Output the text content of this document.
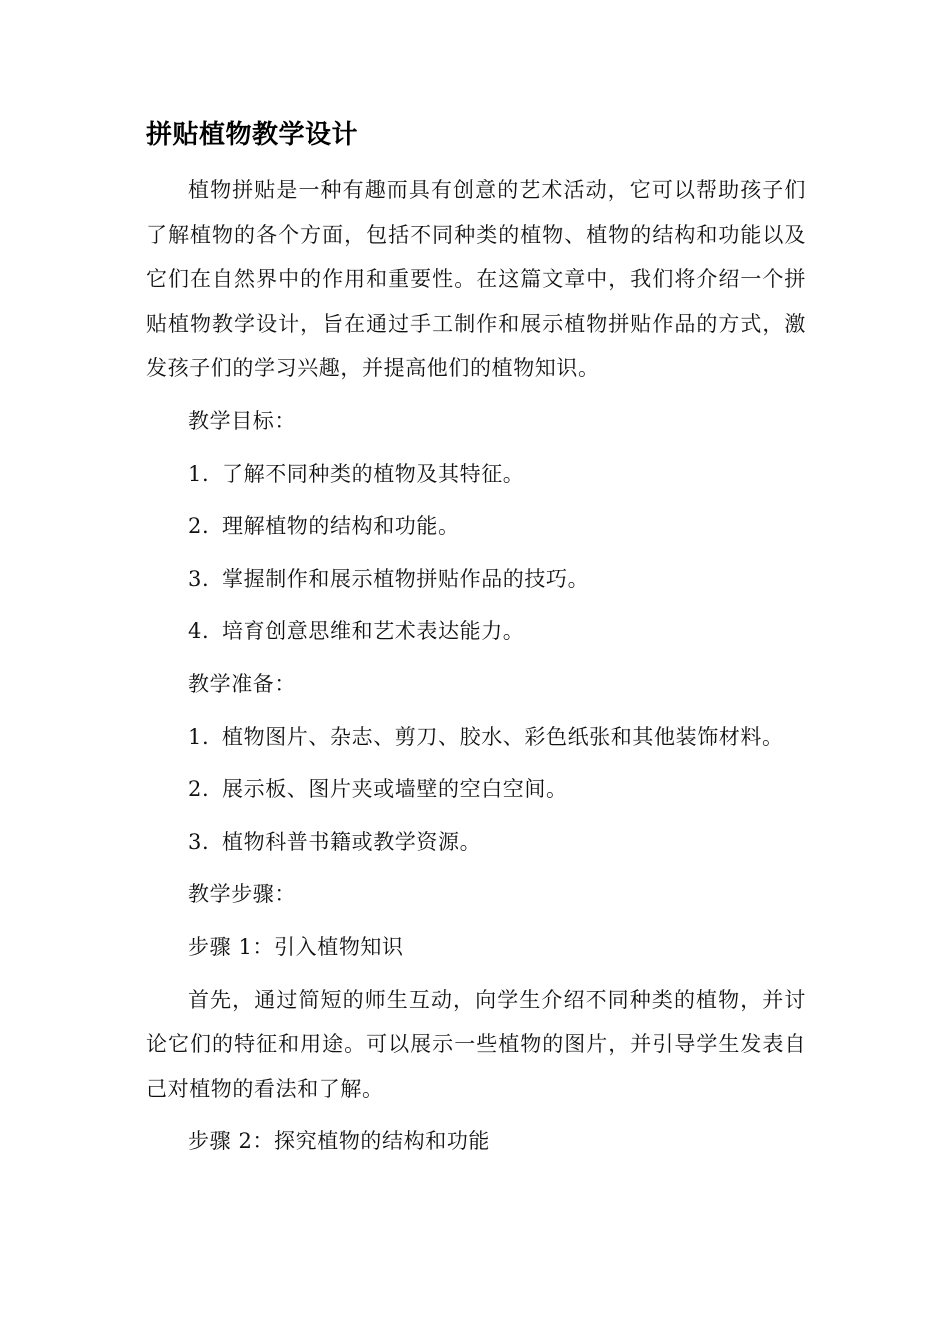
拼贴植物教学设计

植物拼贴是一种有趣而具有创意的艺术活动，它可以帮助孩子们了解植物的各个方面，包括不同种类的植物、植物的结构和功能以及它们在自然界中的作用和重要性。在这篇文章中，我们将介绍一个拼贴植物教学设计，旨在通过手工制作和展示植物拼贴作品的方式，激发孩子们的学习兴趣，并提高他们的植物知识。

教学目标：

1. 了解不同种类的植物及其特征。

2. 理解植物的结构和功能。

3. 掌握制作和展示植物拼贴作品的技巧。

4. 培育创意思维和艺术表达能力。

教学准备：

1. 植物图片、杂志、剪刀、胶水、彩色纸张和其他装饰材料。

2. 展示板、图片夹或墙壁的空白空间。

3. 植物科普书籍或教学资源。

教学步骤：

步骤 1：引入植物知识

首先，通过简短的师生互动，向学生介绍不同种类的植物，并讨论它们的特征和用途。可以展示一些植物的图片，并引导学生发表自己对植物的看法和了解。

步骤 2：探究植物的结构和功能
